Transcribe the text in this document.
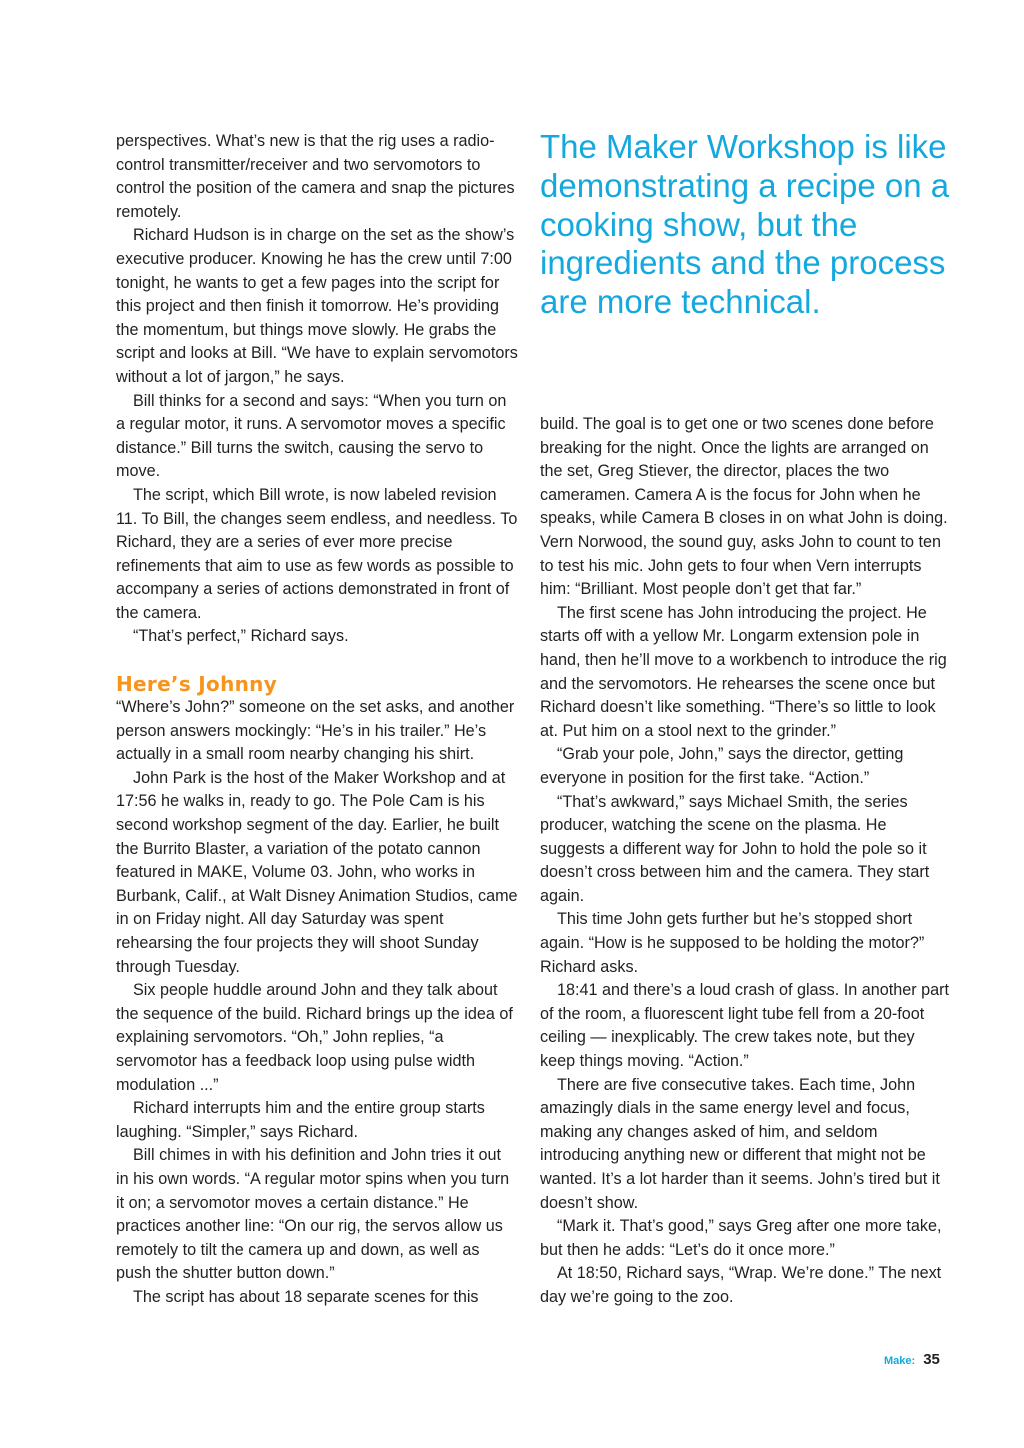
The Maker Workshop is like demonstrating a recipe on a cooking show, but the ingredients and the process are more technical.

perspectives. What’s new is that the rig uses a radio-control transmitter/receiver and two servomotors to control the position of the camera and snap the pictures remotely.

Richard Hudson is in charge on the set as the show’s executive producer. Knowing he has the crew until 7:00 tonight, he wants to get a few pages into the script for this project and then finish it tomorrow. He’s providing the momentum, but things move slowly. He grabs the script and looks at Bill. “We have to explain servomotors without a lot of jargon,” he says.

Bill thinks for a second and says: “When you turn on a regular motor, it runs. A servomotor moves a specific distance.” Bill turns the switch, causing the servo to move.

The script, which Bill wrote, is now labeled revision 11. To Bill, the changes seem endless, and needless. To Richard, they are a series of ever more precise refinements that aim to use as few words as possible to accompany a series of actions demonstrated in front of the camera.

“That’s perfect,” Richard says.

Here’s Johnny

“Where’s John?” someone on the set asks, and another person answers mockingly: “He’s in his trailer.” He’s actually in a small room nearby changing his shirt.

John Park is the host of the Maker Workshop and at 17:56 he walks in, ready to go. The Pole Cam is his second workshop segment of the day. Earlier, he built the Burrito Blaster, a variation of the potato cannon featured in MAKE, Volume 03. John, who works in Burbank, Calif., at Walt Disney Animation Studios, came in on Friday night. All day Saturday was spent rehearsing the four projects they will shoot Sunday through Tuesday.

Six people huddle around John and they talk about the sequence of the build. Richard brings up the idea of explaining servomotors. “Oh,” John replies, “a servomotor has a feedback loop using pulse width modulation ...”

Richard interrupts him and the entire group starts laughing. “Simpler,” says Richard.

Bill chimes in with his definition and John tries it out in his own words. “A regular motor spins when you turn it on; a servomotor moves a certain distance.” He practices another line: “On our rig, the servos allow us remotely to tilt the camera up and down, as well as push the shutter button down.”

The script has about 18 separate scenes for this

build. The goal is to get one or two scenes done before breaking for the night. Once the lights are arranged on the set, Greg Stiever, the director, places the two cameramen. Camera A is the focus for John when he speaks, while Camera B closes in on what John is doing. Vern Norwood, the sound guy, asks John to count to ten to test his mic. John gets to four when Vern interrupts him: “Brilliant. Most people don’t get that far.”

The first scene has John introducing the project. He starts off with a yellow Mr. Longarm extension pole in hand, then he’ll move to a workbench to introduce the rig and the servomotors. He rehearses the scene once but Richard doesn’t like something. “There’s so little to look at. Put him on a stool next to the grinder.”

“Grab your pole, John,” says the director, getting everyone in position for the first take. “Action.”

“That’s awkward,” says Michael Smith, the series producer, watching the scene on the plasma. He suggests a different way for John to hold the pole so it doesn’t cross between him and the camera. They start again.

This time John gets further but he’s stopped short again. “How is he supposed to be holding the motor?” Richard asks.

18:41 and there’s a loud crash of glass. In another part of the room, a fluorescent light tube fell from a 20-foot ceiling — inexplicably. The crew takes note, but they keep things moving. “Action.”

There are five consecutive takes. Each time, John amazingly dials in the same energy level and focus, making any changes asked of him, and seldom introducing anything new or different that might not be wanted. It’s a lot harder than it seems. John’s tired but it doesn’t show.

“Mark it. That’s good,” says Greg after one more take, but then he adds: “Let’s do it once more.”

At 18:50, Richard says, “Wrap. We’re done.” The next day we’re going to the zoo.

Make: 35
